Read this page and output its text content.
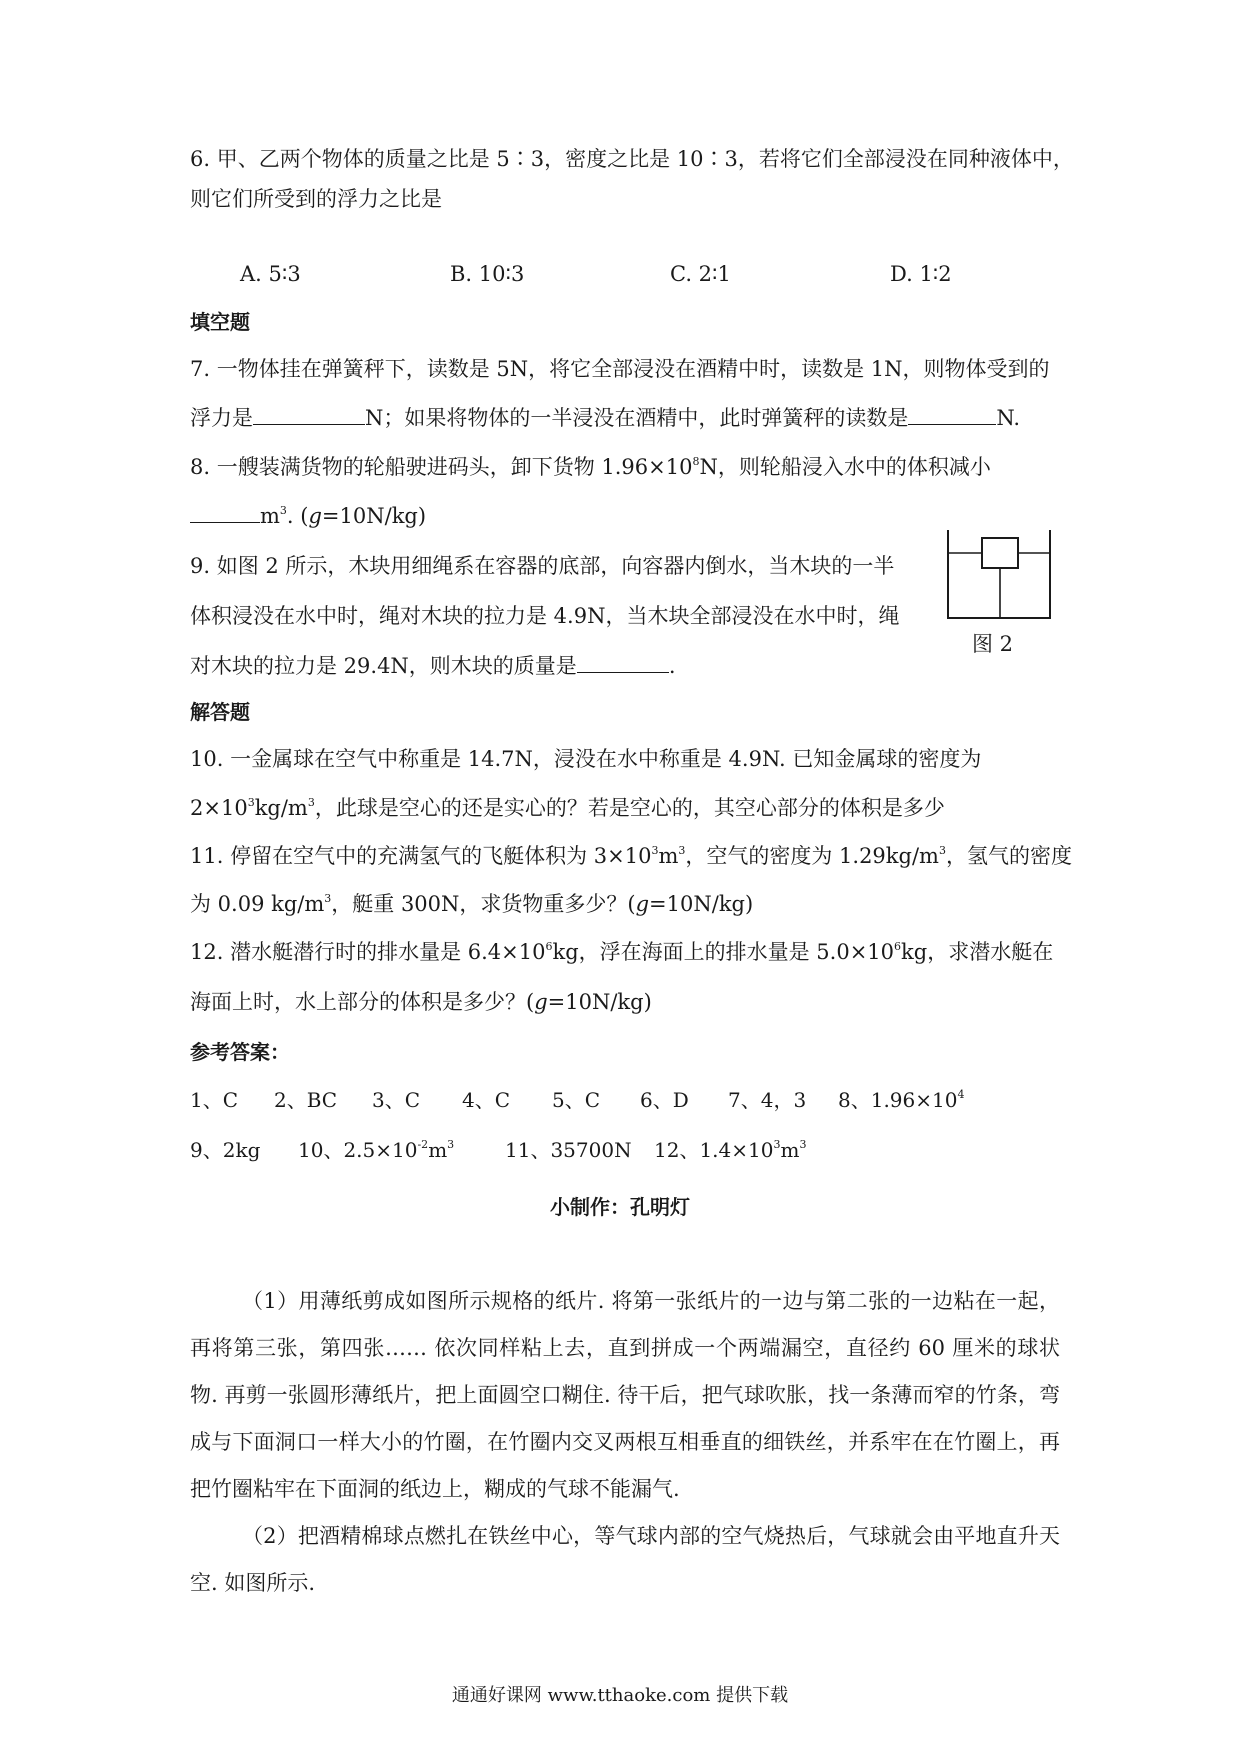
6. 甲、乙两个物体的质量之比是 5∶3，密度之比是 10∶3，若将它们全部浸没在同种液体中，
则它们所受到的浮力之比是
A. 5∶3	B. 10∶3	C. 2∶1	D. 1∶2
填空题
7. 一物体挂在弹簧秤下，读数是 5N，将它全部浸没在酒精中时，读数是 1N，则物体受到的
浮力是	N；如果将物体的一半浸没在酒精中，此时弹簧秤的读数是	N.
8. 一艘装满货物的轮船驶进码头，卸下货物 $1.96\times 10^8N$，则轮船浸入水中的体积减小
$m^3$. (g=10N/kg)
9. 如图 2 所示，木块用细绳系在容器的底部，向容器内倒水，当木块的一半
体积浸没在水中时，绳对木块的拉力是 4.9N，当木块全部浸没在水中时，绳
对木块的拉力是 29.4N，则木块的质量是	.
图 2
解答题
10. 一金属球在空气中称重是 14.7N，浸没在水中称重是 4.9N. 已知金属球的密度为
$2\times 10^3kg/m^3$，此球是空心的还是实心的？若是空心的，其空心部分的体积是多少
11. 停留在空气中的充满氢气的飞艇体积为 $3\times 10^3m^3$，空气的密度为 $1.29kg/m^3$，氢气的密度
为 0.09 $kg/m^3$，艇重 300N，求货物重多少？(g=10N/kg)
12. 潜水艇潜行时的排水量是 $6.4\times 10^6kg$，浮在海面上的排水量是 $5.0\times 10^6kg$，求潜水艇在
海面上时，水上部分的体积是多少？(g=10N/kg)
参考答案：
1、C 2、BC 3、C 4、C 5、C 6、D 7、4，3 8、$1.96\times 10^4$
9、2kg 10、$2.5\times 10^{-2}m^3$	11、35700N 12、$1.4\times 10^3m^3$
小制作：孔明灯

（1）用薄纸剪成如图所示规格的纸片. 将第一张纸片的一边与第二张的一边粘在一起，再将第三张，第四张…… 依次同样粘上去，直到拼成一个两端漏空，直径约 60 厘米的球状物. 再剪一张圆形薄纸片，把上面圆空口糊住. 待干后，把气球吹胀，找一条薄而窄的竹条，弯成与下面洞口一样大小的竹圈，在竹圈内交叉两根互相垂直的细铁丝，并系牢在在竹圈上，再把竹圈粘牢在下面洞的纸边上，糊成的气球不能漏气.

（2）把酒精棉球点燃扎在铁丝中心，等气球内部的空气烧热后，气球就会由平地直升天空. 如图所示.

通通好课网 www.tthaoke.com 提供下载
